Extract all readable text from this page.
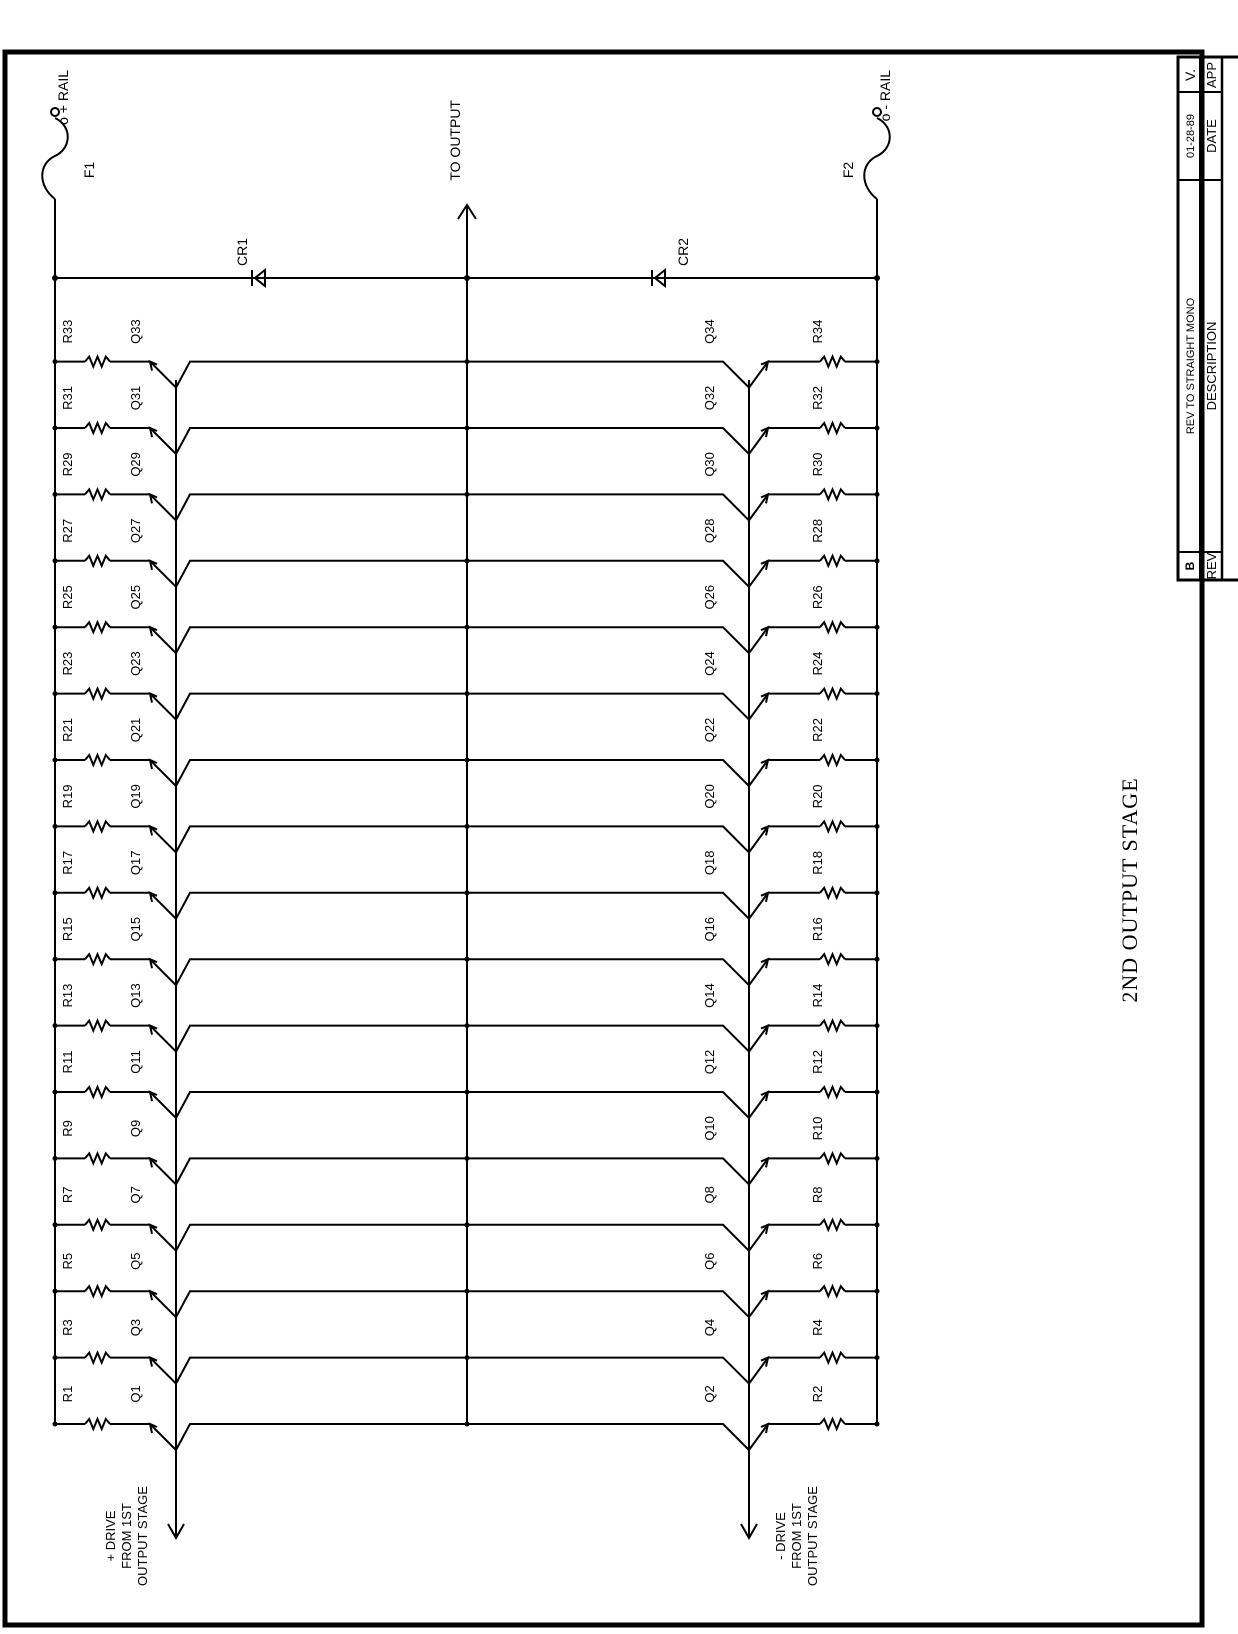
o + RAIL	o - RAIL
F1	F2
TO OUTPUT
CR1	CR2
+ DRIVE FROM 1ST OUTPUT STAGE	- DRIVE FROM 1ST OUTPUT STAGE
R1	Q1	Q2	R2
R3	Q3	Q4	R4
R5	Q5	Q6	R6
R7	Q7	Q8	R8
R9	Q9	Q10	R10
R11	Q11	Q12	R12
R13	Q13	Q14	R14
R15	Q15	Q16	R16
R17	Q17	Q18	R18
R19	Q19	Q20	R20
R21	Q21	Q22	R22
R23	Q23	Q24	R24
R25	Q25	Q26	R26
R27	Q27	Q28	R28
R29	Q29	Q30	R30
R31	Q31	Q32	R32
R33	Q33	Q34	R34
2ND OUTPUT STAGE
B
REV TO STRAIGHT MONO
01-28-89
V.
REV
DESCRIPTION
DATE
APP
